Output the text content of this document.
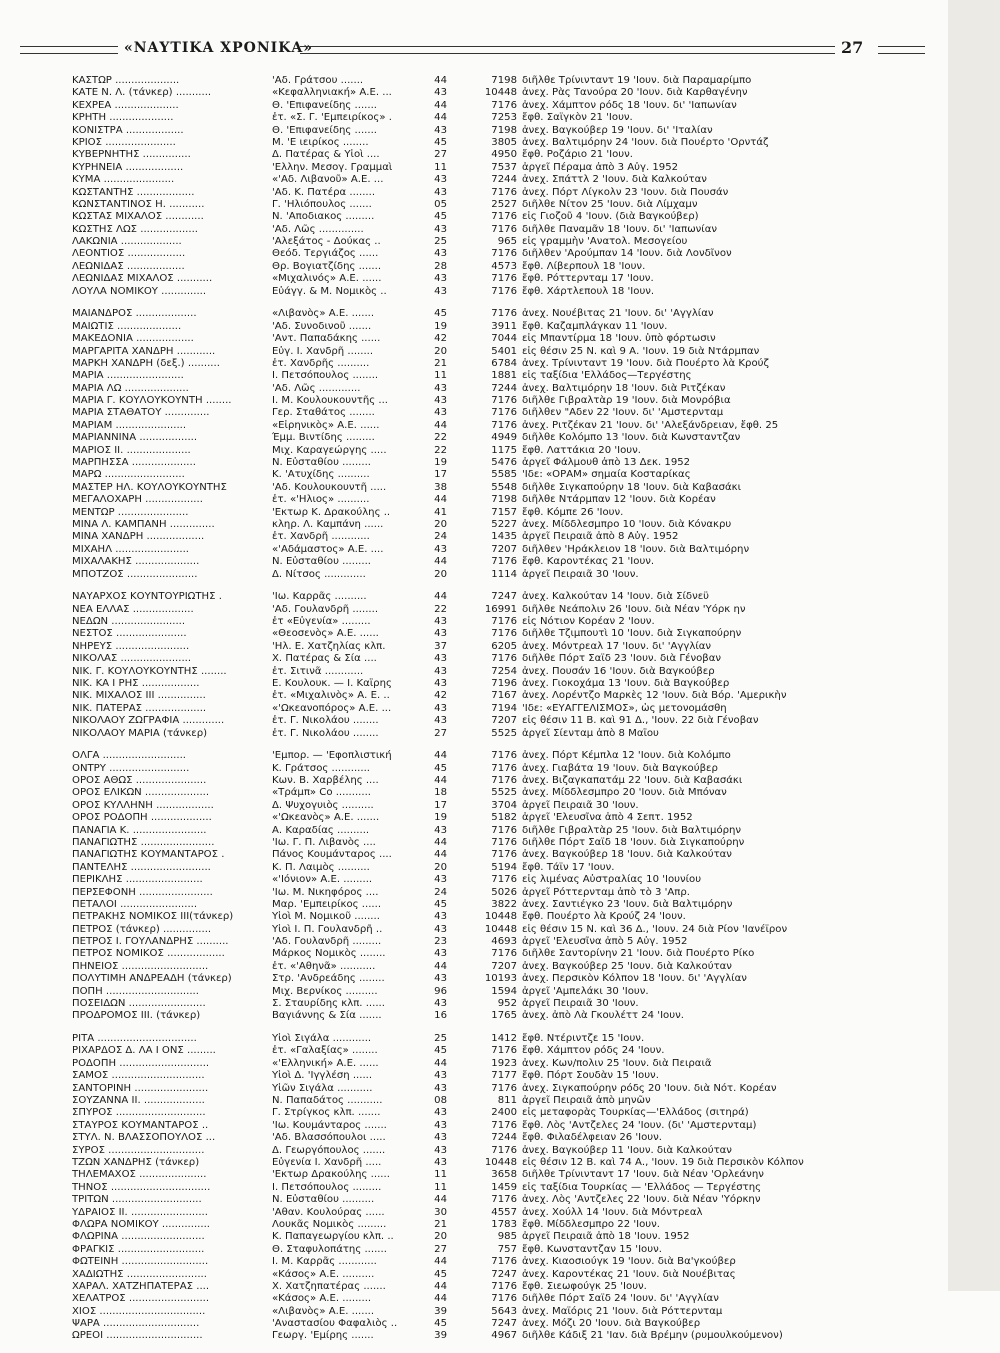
«ΝΑΥΤΙΚΑ ΧΡΟΝΙΚΑ»	27
ΚΑΣΤΩΡ ....................	'Αδ. Γράτσου .......	44	7198 διῆλθε Τρίνινταντ 19 'Ιουν. διὰ Παραμαρίμπο
ΚΑΤΕ Ν. Λ. (τάνκερ) ...........	«Κεφαλληνιακή» Α.Ε. ...	43	10448 ἀνεχ. Ρὰς Τανούρα 20 'Ιουν. διὰ Καρθαγένην
ΚΕΧΡΕΑ ....................	Θ. 'Επιφανείδης .......	44	7176 ἀνεχ. Χάμπτον ρόδς 18 'Ιουν. δι' 'Ιαπωνίαν
ΚΡΗΤΗ ....................	ἐτ. «Σ. Γ. 'Εμπειρίκος» .	44	7253 ἔφθ. Σαϊγκὸν 21 'Ιουν.
ΚΟΝΙΣΤΡΑ ..................	Θ. 'Επιφανείδης .......	43	7198 ἀνεχ. Βαγκούβερ 19 'Ιουν. δι' 'Ιταλίαν
ΚΡΙΟΣ ......................	Μ. 'Ε ιειρίκος ........	45	3805 ἀνεχ. Βαλτιμόρην 24 'Ιουν. διὰ Πουέρτο 'Ορντάζ
ΚΥΒΕΡΝΗΤΗΣ ...............	Δ. Πατέρας & Υἱοὶ ....	27	4950 ἔφθ. Ροζάριο 21 'Ιουν.
ΚΥΡΗΝΕΙΑ ..................	'Ελλην. Μεσογ. Γραμμαὶ	11	7537 ἀργεῖ Πέραμα ἀπὸ 3 Αὐγ. 1952
ΚΥΜΑ ......................	«'Αδ. Λιβανοῦ» Α.Ε. ...	43	7244 ἀνεχ. Σπάττλ 2 'Ιουν. διὰ Καλκούταν
ΚΩΣΤΑΝΤΗΣ ..................	'Αδ. Κ. Πατέρα ........	43	7176 ἀνεχ. Πόρτ Λίγκολν 23 'Ιουν. διὰ Πουσάν
ΚΩΝΣΤΑΝΤΙΝΟΣ Η. ...........	Γ. 'Ηλιόπουλος .......	05	2527 διῆλθε Νίτον 25 'Ιουν. διὰ Λίμχαμν
ΚΩΣΤΑΣ ΜΙΧΑΛΟΣ ............	Ν. 'Αποδιακος .........	45	7176 εἰς Γιοζοῦ 4 'Ιουν. (διὰ Βαγκούβερ)
ΚΩΣΤΗΣ ΛΩΣ ..................	'Αδ. Λῶς ..............	43	7176 διῆλθε Παναμᾶν 18 'Ιουν. δι' 'Ιαπωνίαν
ΛΑΚΩΝΙΑ ...................	'Αλεξάτος - Δούκας ..	25	965 εἰς γραμμὴν 'Ανατολ. Μεσογείου
ΛΕΟΝΤΙΟΣ ..................	Θεόδ. Τεργιάζος ......	43	7176 διῆλθεν 'Αρούμπαν 14 'Ιουν. διὰ Λονδῖνον
ΛΕΩΝΙΔΑΣ ..................	Θρ. Βογιατζίδης .......	28	4573 ἔφθ. Λίβερπουλ 18 'Ιουν.
ΛΕΩΝΙΔΑΣ ΜΙΧΑΛΟΣ ...........	«Μιχαλινός» Α.Ε. ......	43	7176 ἔφθ. Ρόττερνταμ 17 'Ιουν.
ΛΟΥΛΑ ΝΟΜΙΚΟΥ ..............	Εὐάγγ. & Μ. Νομικὸς ..	43	7176 ἔφθ. Χάρτλεπουλ 18 'Ιουν.
ΜΑΙΑΝΔΡΟΣ ...................	«Λιβανὸς» Α.Ε. .......	45	7176 ἀνεχ. Νουέβιτας 21 'Ιουν. δι' 'Αγγλίαν
ΜΑΙΩΤΙΣ ....................	'Αδ. Συνοδινοῦ .......	19	3911 ἔφθ. Καζαμπλάγκαν 11 'Ιουν.
ΜΑΚΕΔΟΝΙΑ ..................	'Αντ. Παπαδάκης ......	42	7044 εἰς Μπαντίρμα 18 'Ιουν. ὑπὸ φόρτωσιν
ΜΑΡΓΑΡΙΤΑ ΧΑΝΔΡΗ ............	Εὐγ. Ι. Χανδρῆ ........	20	5401 εἰς θέσιν 25 Ν. καὶ 9 Α. 'Ιουν. 19 διὰ Ντάρμπαν
ΜΑΡΚΗ ΧΑΝΔΡΗ (δεξ.) ..........	ἐτ. Χανδρῆς ..........	21	6784 ἀνεχ. Τρίνινταντ 19 'Ιουν. διὰ Πουέρτο λὰ Κρούζ
ΜΑΡΙΑ ........................	Ι. Πετσόπουλος ........	11	1881 εἰς ταξίδια 'Ελλάδος—Τεργέστης
ΜΑΡΙΑ ΛΩ ....................	'Αδ. Λῶς .............	43	7244 ἀνεχ. Βαλτιμόρην 18 'Ιουν. διὰ Ριτζέκαν
ΜΑΡΙΑ Γ. ΚΟΥΛΟΥΚΟΥΝΤΗ ........	Ι. Μ. Κουλουκουντῆς ...	43	7176 διῆλθε Γιβραλτὰρ 19 'Ιουν. διὰ Μονρόβια
ΜΑΡΙΑ ΣΤΑΘΑΤΟΥ ..............	Γερ. Σταθάτος ........	43	7176 διῆλθεν "Αδεν 22 'Ιουν. δι' 'Αμστερνταμ
ΜΑΡΙΑΜ ......................	«Εἰρηνικὸς» Α.Ε. ......	44	7176 ἀνεχ. Ριτζέκαν 21 'Ιουν. δι' 'Αλεξάνδρειαν, ἔφθ. 25
ΜΑΡΙΑΝΝΙΝΑ ..................	Έμμ. Βιντίδης .........	22	4949 διῆλθε Κολόμπο 13 'Ιουν. διὰ Κωνσταντζαν
ΜΑΡΙΟΣ ΙΙ. ....................	Μιχ. Καραγεώργης .....	22	1175 ἔφθ. Λαττάκια 20 'Ιουν.
ΜΑΡΠΗΣΣΑ ....................	Ν. Εὐσταθίου .........	19	5476 ἀργεῖ Φάλμουθ ἀπὸ 13 Δεκ. 1952
ΜΑΡΩ .........................	Κ. 'Ατυχίδης ..........	17	5585 'Ιδε: «ΟΡΑΜ» σημαία Κοσταρίκας
ΜΑΣΤΕΡ ΗΛ. ΚΟΥΛΟΥΚΟΥΝΤΗΣ	'Αδ. Κουλουκουντῆ .....	38	5548 διῆλθε Σιγκαπούρην 18 'Ιουν. διὰ Καβασάκι
ΜΕΓΑΛΟΧΑΡΗ ..................	ἐτ. «'Ηλιος» ..........	44	7198 διῆλθε Ντάρμπαν 12 'Ιουν. διὰ Κορέαν
ΜΕΝΤΩΡ ......................	'Εκτωρ Κ. Δρακούλης ..	41	7157 ἔφθ. Κόμπε 26 'Ιουν.
ΜΙΝΑ Λ. ΚΑΜΠΑΝΗ ..............	κληρ. Λ. Καμπάνη ......	20	5227 ἀνεχ. Μίδδλεσμπρο 10 'Ιουν. διὰ Κόνακρυ
ΜΙΝΑ ΧΑΝΔΡΗ ..................	ἐτ. Χανδρῆ ............	24	1435 ἀργεῖ Πειραιᾶ ἀπὸ 8 Αὐγ. 1952
ΜΙΧΑΗΛ .......................	«'Αδάμαστος» Α.Ε. ....	43	7207 διῆλθεν 'Ηράκλειον 18 'Ιουν. διὰ Βαλτιμόρην
ΜΙΧΑΛΑΚΗΣ ....................	Ν. Εὐσταθίου .........	44	7176 ἔφθ. Καροντέκας 21 'Ιουν.
ΜΠΟΤΖΟΣ ......................	Δ. Νίτσος .............	20	1114 ἀργεῖ Πειραιᾶ 30 'Ιουν.
ΝΑΥΑΡΧΟΣ ΚΟΥΝΤΟΥΡΙΩΤΗΣ .	'Ιω. Καρρᾶς ..........	44	7247 ἀνεχ. Καλκούταν 14 'Ιουν. διὰ Σίδνεϋ
ΝΕΑ ΕΛΛΑΣ ...................	'Αδ. Γουλανδρῆ ........	22	16991 διῆλθε Νεάπολιν 26 'Ιουν. διὰ Νέαν 'Υόρκ ην
ΝΕΔΩΝ .......................	ἐτ «Εὐγενία» .........	43	7176 εἰς Νότιον Κορέαν 2 'Ιουν.
ΝΕΣΤΟΣ ......................	«Θεοσενὸς» Α.Ε. ......	43	7176 διῆλθε Τζιμπουτὶ 10 'Ιουν. διὰ Σιγκαπούρην
ΝΗΡΕΥΣ .......................	'Ηλ. Ε. Χατζηλίας κλπ.	37	6205 ἀνεχ. Μόντρεαλ 17 'Ιουν. δι' 'Αγγλίαν
ΝΙΚΟΛΑΣ ......................	Χ. Πατέρας & Σία ....	43	7176 διῆλθε Πόρτ Σαϊδ 23 'Ιουν. διὰ Γένοβαν
ΝΙΚ. Γ. ΚΟΥΛΟΥΚΟΥΝΤΗΣ ........	ἐτ. Σιτινᾶ ............	43	7254 ἀνεχ. Πουσάν 16 'Ιουν. διὰ Βαγκούβερ
ΝΙΚ. ΚΑ Ι ΡΗΣ ..................	Ε. Κουλουκ. — Ι. Καΐρης	43	7196 ἀνεχ. Γιοκοχάμα 13 'Ιουν. διὰ Βαγκούβερ
ΝΙΚ. ΜΙΧΑΛΟΣ ΙΙΙ ...............	ἐτ. «Μιχαλινὸς» Α. Ε. ..	42	7167 ἀνεχ. Λορέντζο Μαρκὲς 12 'Ιουν. διὰ Βόρ. 'Αμερικὴν
ΝΙΚ. ΠΑΤΕΡΑΣ ...................	«'Ωκεανοπόρος» Α.Ε. ...	43	7194 'Ιδε: «ΕΥΑΓΓΕΛΙΣΜΟΣ», ὡς μετονομάσθη
ΝΙΚΟΛΑΟΥ ΖΩΓΡΑΦΙΑ .............	ἐτ. Γ. Νικολάου ........	43	7207 εἰς θέσιν 11 Β. καὶ 91 Δ., 'Ιουν. 22 διὰ Γένοβαν
ΝΙΚΟΛΑΟΥ ΜΑΡΙΑ (τάνκερ)	ἐτ. Γ. Νικολάου ........	27	5525 ἀργεῖ Σίενταμ ἀπὸ 8 Μαΐου
ΟΛΓΑ ..........................	'Εμπορ. — 'Εφοπλιστική	44	7176 ἀνεχ. Πόρτ Κέμπλα 12 'Ιουν. διὰ Κολόμπο
ΟΝΤΡΥ .........................	Κ. Γράτσος ............	45	7176 ἀνεχ. Γιαβάτα 19 'Ιουν. διὰ Βαγκούβερ
ΟΡΟΣ ΑΘΩΣ ......................	Κων. Β. Χαρβέλης ....	44	7176 ἀνεχ. Βιζαγκαπατάμ 22 'Ιουν. διὰ Καβασάκι
ΟΡΟΣ ΕΛΙΚΩΝ ....................	«Τράμπ» Co ...........	18	5525 ἀνεχ. Μίδδλεσμπρο 20 'Ιουν. διὰ Μπόναν
ΟΡΟΣ ΚΥΛΛΗΝΗ ..................	Δ. Ψυχογυιὸς ..........	17	3704 ἀργεῖ Πειραιᾶ 30 'Ιουν.
ΟΡΟΣ ΡΟΔΟΠΗ ...................	«'Ωκεανὸς» Α.Ε. .......	19	5182 ἀργεῖ 'Ελευσῖνα ἀπὸ 4 Σεπτ. 1952
ΠΑΝΑΓΙΑ Κ. .......................	Α. Καραδίας ..........	43	7176 διῆλθε Γιβραλτὰρ 25 'Ιουν. διὰ Βαλτιμόρην
ΠΑΝΑΓΙΩΤΗΣ .......................	'Ιω. Γ. Π. Λιβανὸς ....	44	7176 διῆλθε Πόρτ Σαϊδ 18 'Ιουν. διὰ Σιγκαπούρην
ΠΑΝΑΓΙΩΤΗΣ ΚΟΥΜΑΝΤΑΡΟΣ .	Πάνος Κουμάνταρος ....	44	7176 ἀνεχ. Βαγκούβερ 18 'Ιουν. διὰ Καλκούταν
ΠΑΝΤΕΛΗΣ .........................	Κ. Π. Λαιμὸς ..........	20	5194 ἔφθ. Τάϊν 17 'Ιουν.
ΠΕΡΙΚΛΗΣ ........................	«'Ιόνιον» Α.Ε. .........	43	7176 εἰς λιμένας Αὐστραλίας 10 'Ιουνίου
ΠΕΡΣΕΦΟΝΗ .......................	'Ιω. Μ. Νικηφόρος ....	24	5026 ἀργεῖ Ρόττερνταμ ἀπὸ τὸ 3 'Απρ.
ΠΕΤΑΛΟΙ ........................	Μαρ. 'Εμπειρίκος ......	45	3822 ἀνεχ. Σαντιέγκο 23 'Ιουν. διὰ Βαλτιμόρην
ΠΕΤΡΑΚΗΣ ΝΟΜΙΚΟΣ ΙΙΙ(τάνκερ)	Υἱοὶ Μ. Νομικοῦ ........	43	10448 ἔφθ. Πουέρτο λὰ Κρούζ 24 'Ιουν.
ΠΕΤΡΟΣ (τάνκερ) ...............	Υἱοὶ Ι. Π. Γουλανδρῆ ..	43	10448 εἰς θέσιν 15 Ν. καὶ 36 Δ., 'Ιουν. 24 διὰ Ρίον 'Ιανέϊρον
ΠΕΤΡΟΣ Ι. ΓΟΥΛΑΝΔΡΗΣ ..........	'Αδ. Γουλανδρῆ .........	23	4693 ἀργεῖ 'Ελευσῖνα ἀπὸ 5 Αὐγ. 1952
ΠΕΤΡΟΣ ΝΟΜΙΚΟΣ ..................	Μάρκος Νομικὸς ........	43	7176 διῆλθε Σαντορίνην 21 'Ιουν. διὰ Πουέρτο Ρίκο
ΠΗΝΕΙΟΣ ...........................	ἐτ. «'Αθηνᾶ» ...........	44	7207 ἀνεχ. Βαγκούβερ 25 'Ιουν. διὰ Καλκούταν
ΠΟΛΥΤΙΜΗ ΑΝΔΡΕΑΔΗ (τάνκερ)	Στρ. 'Ανδρεάδης ........	43	10193 ἀνεχ. Περσικὸν Κόλπον 18 'Ιουν. δι' 'Αγγλίαν
ΠΟΠΗ .............................	Μιχ. Βερνίκος ..........	96	1594 ἀργεῖ 'Αμπελάκι 30 'Ιουν.
ΠΟΣΕΙΔΩΝ ........................	Σ. Σταυρίδης κλπ. ......	43	952 ἀργεῖ Πειραιᾶ 30 'Ιουν.
ΠΡΟΔΡΟΜΟΣ ΙΙΙ. (τάνκερ)	Βαγιάννης & Σία .......	16	1765 ἀνεχ. ἀπὸ Λὰ Γκουλέττ 24 'Ιουν.
ΡΙΤΑ ...............................	Υἱοὶ Σιγάλα ............	25	1412 ἔφθ. Ντέριντζε 15 'Ιουν.
ΡΙΧΑΡΔΟΣ Δ. ΛΑ Ι ΟΝΣ .........	ἐτ. «Γαλαξίας» ........	45	7176 ἔφθ. Χάμπτον ρόδς 24 'Ιουν.
ΡΟΔΟΠΗ ............................	«'Ελληνική» Α.Ε. ......	44	1923 ἀνεχ. Κων/πολιν 25 'Ιουν. διὰ Πειραιᾶ
ΣΑΜΟΣ .............................	Υἱοὶ Δ. 'Ιγγλέση ......	43	7177 ἔφθ. Πόρτ Σουδὰν 15 'Ιουν.
ΣΑΝΤΟΡΙΝΗ .......................	Υἱῶν Σιγάλα ...........	43	7176 ἀνεχ. Σιγκαπούρην ρόδς 20 'Ιουν. διὰ Νότ. Κορέαν
ΣΟΥΖΑΝΝΑ ΙΙ. ...................	Ν. Παπαδάτος ...........	08	811 ἀργεῖ Πειραιᾶ ἀπὸ μηνῶν
ΣΠΥΡΟΣ ............................	Γ. Στρίγκος κλπ. .......	43	2400 εἰς μεταφορὰς Τουρκίας—'Ελλάδος (σιτηρά)
ΣΤΑΥΡΟΣ ΚΟΥΜΑΝΤΑΡΟΣ ..	'Ιω. Κουμάνταρος .......	43	7176 ἔφθ. Λὸς 'Αντζελες 24 'Ιουν. (δι' 'Αμστερνταμ)
ΣΤΥΛ. Ν. ΒΛΑΣΣΟΠΟΥΛΟΣ ...	'Αδ. Βλασσόπουλοι .....	43	7244 ἔφθ. Φιλαδέλφειαν 26 'Ιουν.
ΣΥΡΟΣ ..............................	Δ. Γεωργόπουλος .......	43	7176 ἀνεχ. Βαγκούβερ 11 'Ιουν. διὰ Καλκούταν
ΤΖΩΝ ΧΑΝΔΡΗΣ (τάνκερ)	Εὐγενία Ι. Χανδρῆ .....	43	10448 εἰς θέσιν 12 Β. καὶ 74 Α., 'Ιουν. 19 διὰ Περσικὸν Κόλπον
ΤΗΛΕΜΑΧΟΣ .....................	'Εκτωρ Δρακούλης ......	11	3658 διῆλθε Τρίνινταντ 17 'Ιουν. διὰ Νέαν 'Ορλεάνην
ΤΗΝΟΣ ...............................	Ι. Πετσόπουλος .........	11	1459 εἰς ταξίδια Τουρκίας — 'Ελλάδος — Τεργέστης
ΤΡΙΤΩΝ ............................	Ν. Εὐσταθίου ..........	44	7176 ἀνεχ. Λὸς 'Αντζελες 22 'Ιουν. διὰ Νέαν 'Υόρκην
ΥΔΡΑΙΟΣ ΙΙ. ........................	'Αθαν. Κουλούρας ......	30	4557 ἀνεχ. Χούλλ 14 'Ιουν. διὰ Μόντρεαλ
ΦΛΩΡΑ ΝΟΜΙΚΟΥ ...............	Λουκᾶς Νομικὸς .........	21	1783 ἔφθ. Μίδδλεσμπρο 22 'Ιουν.
ΦΛΩΡΙΝΑ ..........................	Κ. Παπαγεωργίου κλπ. ..	20	985 ἀργεῖ Πειραιᾶ ἀπὸ 18 'Ιουν. 1952
ΦΡΑΓΚΙΣ ...........................	Θ. Σταφυλοπάτης .......	27	757 ἔφθ. Κωνσταντζαν 15 'Ιουν.
ΦΩΤΕΙΝΗ ...........................	Ι. Μ. Καρρᾶς ............	44	7176 ἀνεχ. Κιαοσιούγκ 19 'Ιουν. διὰ Βα'γκούβερ
ΧΑΔΙΩΤΗΣ .........................	«Κάσος» Α.Ε. ..........	45	7247 ἀνεχ. Καροντέκας 21 'Ιουν. διὰ Νουέβιτας
ΧΑΡΑΛ. ΧΑΤΖΗΠΑΤΕΡΑΣ ....	Χ. Χατζηπατέρας .......	44	7176 ἔφθ. Σιεωφούγκ 25 'Ιουν.
ΧΕΛΑΤΡΟΣ .........................	«Κάσος» Α.Ε. .........	44	7176 διῆλθε Πόρτ Σαϊδ 24 'Ιουν. δι' 'Αγγλίαν
ΧΙΟΣ .................................	«Λιβανὸς» Α.Ε. .......	39	5643 ἀνεχ. Μαϊόρις 21 'Ιουν. διὰ Ρόττερνταμ
ΨΑΡΑ ..............................	'Αναστασίου Φαφαλιὸς ..	45	7247 ἀνεχ. Μόζι 20 'Ιουν. διὰ Βαγκούβερ
ΩΡΕΟΙ ..............................	Γεωργ. 'Εμίρης .......	39	4967 διῆλθε Κάδιξ 21 'Ιαν. διὰ Βρέμην (ρυμουλκούμενον)
